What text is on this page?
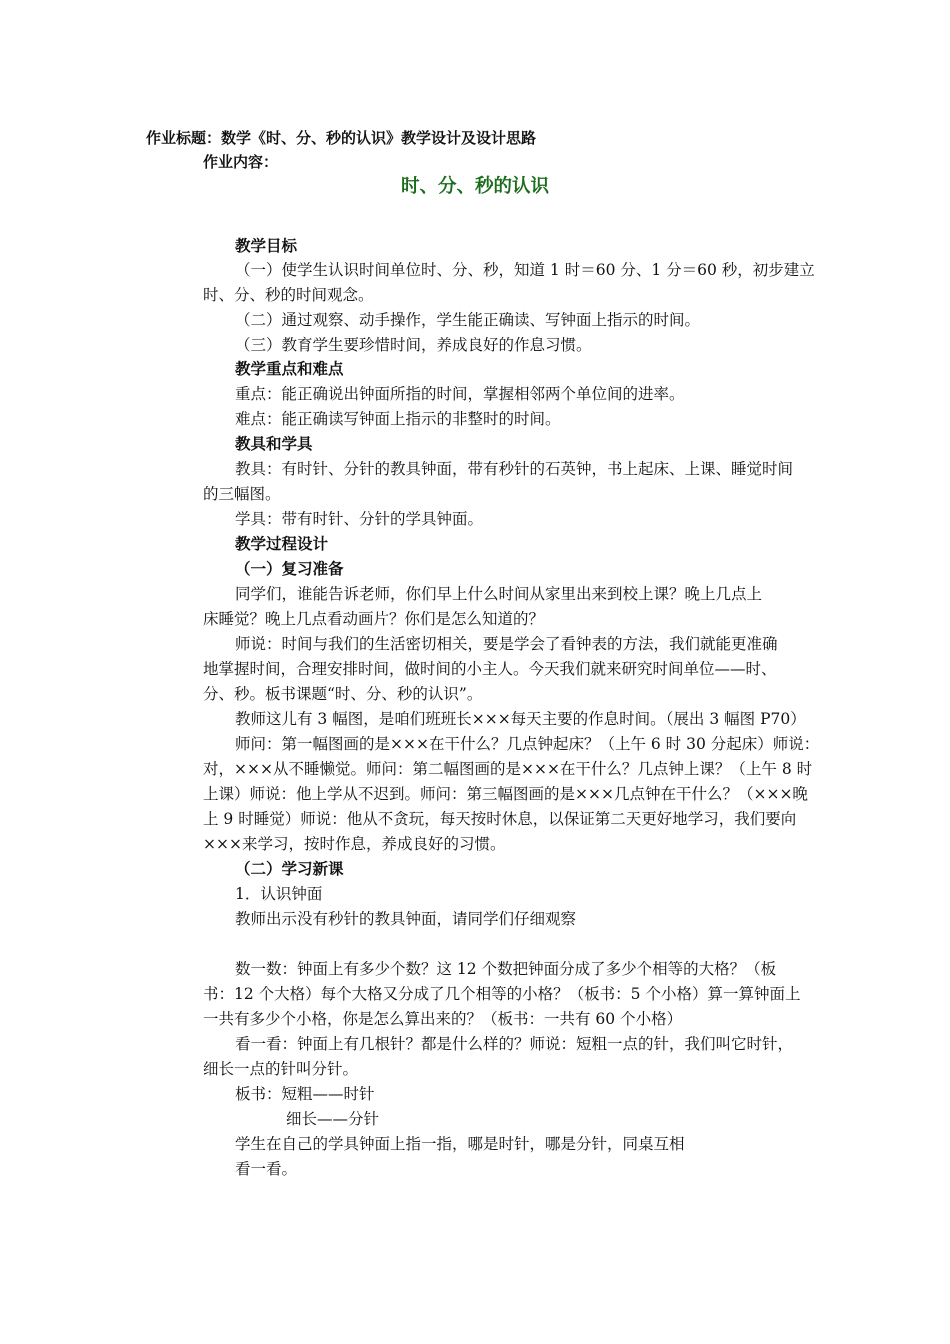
作业标题：数学《时、分、秒的认识》教学设计及设计思路
作业内容：
时、分、秒的认识
教学目标
（一）使学生认识时间单位时、分、秒，知道 1 时＝60 分、1 分＝60 秒，初步建立
时、分、秒的时间观念。
（二）通过观察、动手操作，学生能正确读、写钟面上指示的时间。
（三）教育学生要珍惜时间，养成良好的作息习惯。
教学重点和难点
重点：能正确说出钟面所指的时间，掌握相邻两个单位间的进率。
难点：能正确读写钟面上指示的非整时的时间。
教具和学具
教具：有时针、分针的教具钟面，带有秒针的石英钟，书上起床、上课、睡觉时间
的三幅图。
学具：带有时针、分针的学具钟面。
教学过程设计
（一）复习准备
同学们，谁能告诉老师，你们早上什么时间从家里出来到校上课？晚上几点上
床睡觉？晚上几点看动画片？你们是怎么知道的？
师说：时间与我们的生活密切相关，要是学会了看钟表的方法，我们就能更准确
地掌握时间，合理安排时间，做时间的小主人。今天我们就来研究时间单位——时、
分、秒。板书课题“时、分、秒的认识”。
教师这儿有 3 幅图，是咱们班班长×××每天主要的作息时间。（展出 3 幅图 P70）
师问：第一幅图画的是×××在干什么？几点钟起床？（上午 6 时 30 分起床）师说：
对，×××从不睡懒觉。师问：第二幅图画的是×××在干什么？几点钟上课？（上午 8 时
上课）师说：他上学从不迟到。师问：第三幅图画的是×××几点钟在干什么？（×××晚
上 9 时睡觉）师说：他从不贪玩，每天按时休息，以保证第二天更好地学习，我们要向
×××来学习，按时作息，养成良好的习惯。
（二）学习新课
1．认识钟面
教师出示没有秒针的教具钟面，请同学们仔细观察
数一数：钟面上有多少个数？这 12 个数把钟面分成了多少个相等的大格？（板
书：12 个大格）每个大格又分成了几个相等的小格？（板书：5 个小格）算一算钟面上
一共有多少个小格，你是怎么算出来的？（板书：一共有 60 个小格）
看一看：钟面上有几根针？都是什么样的？师说：短粗一点的针，我们叫它时针，
细长一点的针叫分针。
板书：短粗——时针
细长——分针
学生在自己的学具钟面上指一指，哪是时针，哪是分针，同桌互相
看一看。
